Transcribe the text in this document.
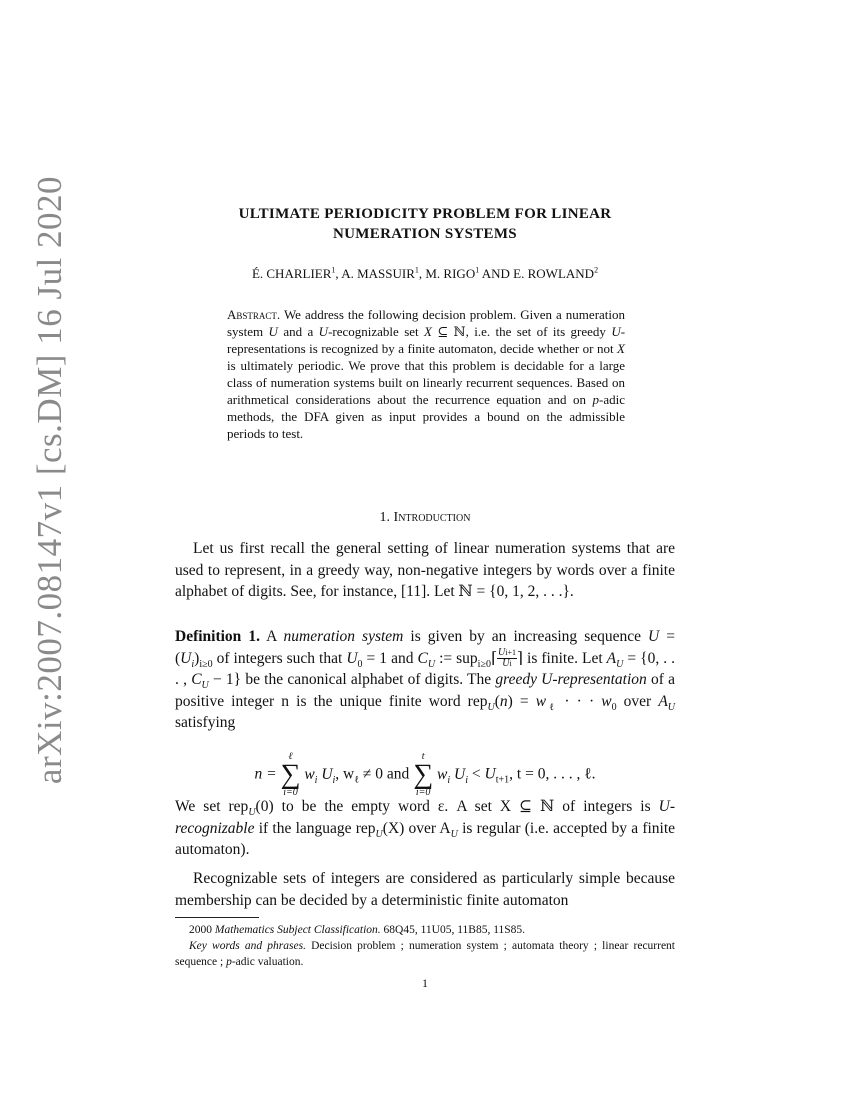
arXiv:2007.08147v1 [cs.DM] 16 Jul 2020	ULTIMATE PERIODICITY PROBLEM FOR LINEAR
NUMERATION SYSTEMS
É. CHARLIER$^1$, A. MASSUIR$^1$, M. RIGO$^1$ AND E. ROWLAND$^2$
Abstract. We address the following decision problem. Given a numeration system U and a U-recognizable set X ⊆ ℕ, i.e. the set of its greedy U-representations is recognized by a finite automaton, decide whether or not X is ultimately periodic. We prove that this problem is decidable for a large class of numeration systems built on linearly recurrent sequences. Based on arithmetical considerations about the recurrence equation and on p-adic methods, the DFA given as input provides a bound on the admissible periods to test.
1. Introduction
Let us first recall the general setting of linear numeration systems that are used to represent, in a greedy way, non-negative integers by words over a finite alphabet of digits. See, for instance, [11]. Let ℕ = {0, 1, 2, . . .}.
Definition 1. A numeration system is given by an increasing sequence $U = (U_i)_{i\ge 0}$ of integers such that $U_0 = 1$ and $C_U$ := sup$_{i\ge 0}$⌈ $\frac{Ui+1}{Ui}$ ⌉ is finite. Let $A_U = \{0$, . . . , $C_U - 1$} be the canonical alphabet of digits. The greedy U-representation of a positive integer n is the unique finite word $rep_U(n) = w_\ell$ · · · $w_0$ over $A_U$ satisfying
n =
ℓ
∑
i=0
$w_i$ $U_i$, $w_\ell \ne 0$ and
t
∑
i=0
$w_i$ $U_i < U_{t+1}$, t = 0, . . . , ℓ.
We set rep$_U$(0) to be the empty word ε. A set X ⊆ ℕ of integers is U-recognizable if the language rep$_U$(X) over $A_U$ is regular (i.e. accepted by a finite automaton).
Recognizable sets of integers are considered as particularly simple because membership can be decided by a deterministic finite automaton
2000 Mathematics Subject Classification. 68Q45, 11U05, 11B85, 11S85.
Key words and phrases. Decision problem ; numeration system ; automata theory ; linear recurrent sequence ; p-adic valuation.
1
